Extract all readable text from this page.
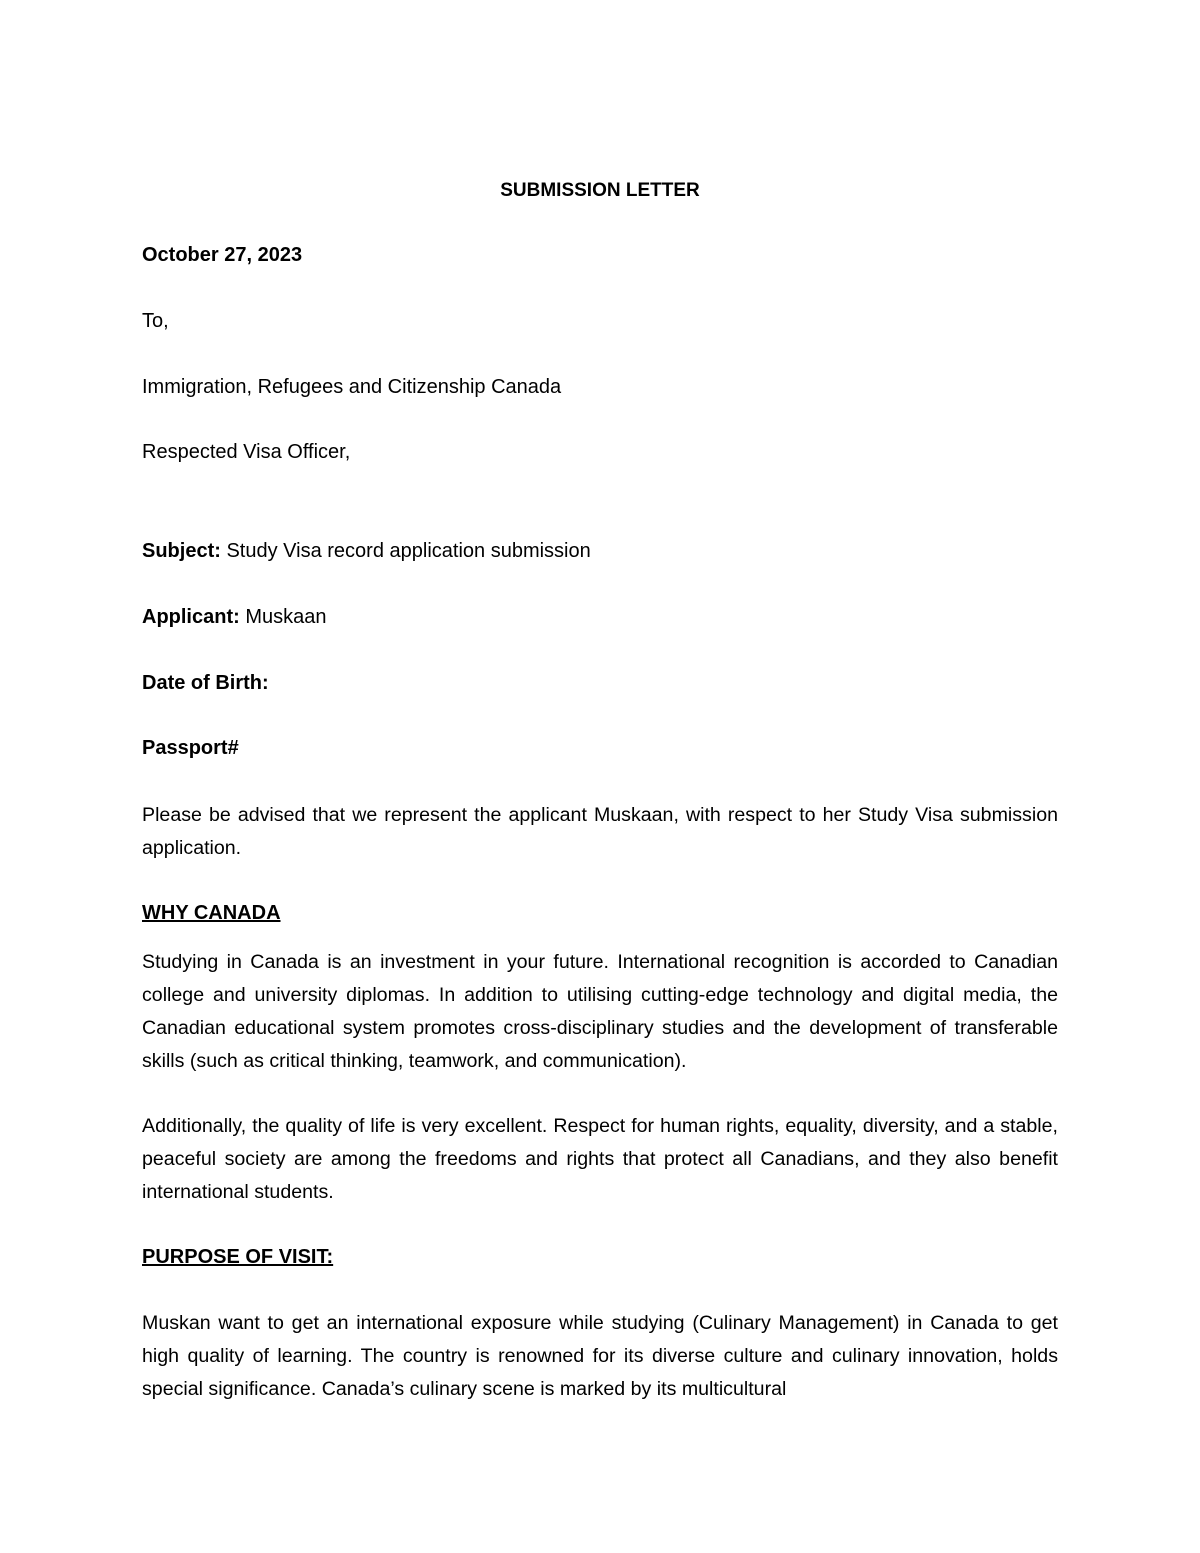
SUBMISSION LETTER
October 27, 2023
To,
Immigration, Refugees and Citizenship Canada
Respected Visa Officer,
Subject: Study Visa record application submission
Applicant: Muskaan
Date of Birth:
Passport#
Please be advised that we represent the applicant Muskaan, with respect to her Study Visa submission application.
WHY CANADA
Studying in Canada is an investment in your future. International recognition is accorded to Canadian college and university diplomas. In addition to utilising cutting-edge technology and digital media, the Canadian educational system promotes cross-disciplinary studies and the development of transferable skills (such as critical thinking, teamwork, and communication).
Additionally, the quality of life is very excellent. Respect for human rights, equality, diversity, and a stable, peaceful society are among the freedoms and rights that protect all Canadians, and they also benefit international students.
PURPOSE OF VISIT:
Muskan want to get an international exposure while studying (Culinary Management) in Canada to get high quality of learning. The country is renowned for its diverse culture and culinary innovation, holds special significance. Canada’s culinary scene is marked by its multicultural
